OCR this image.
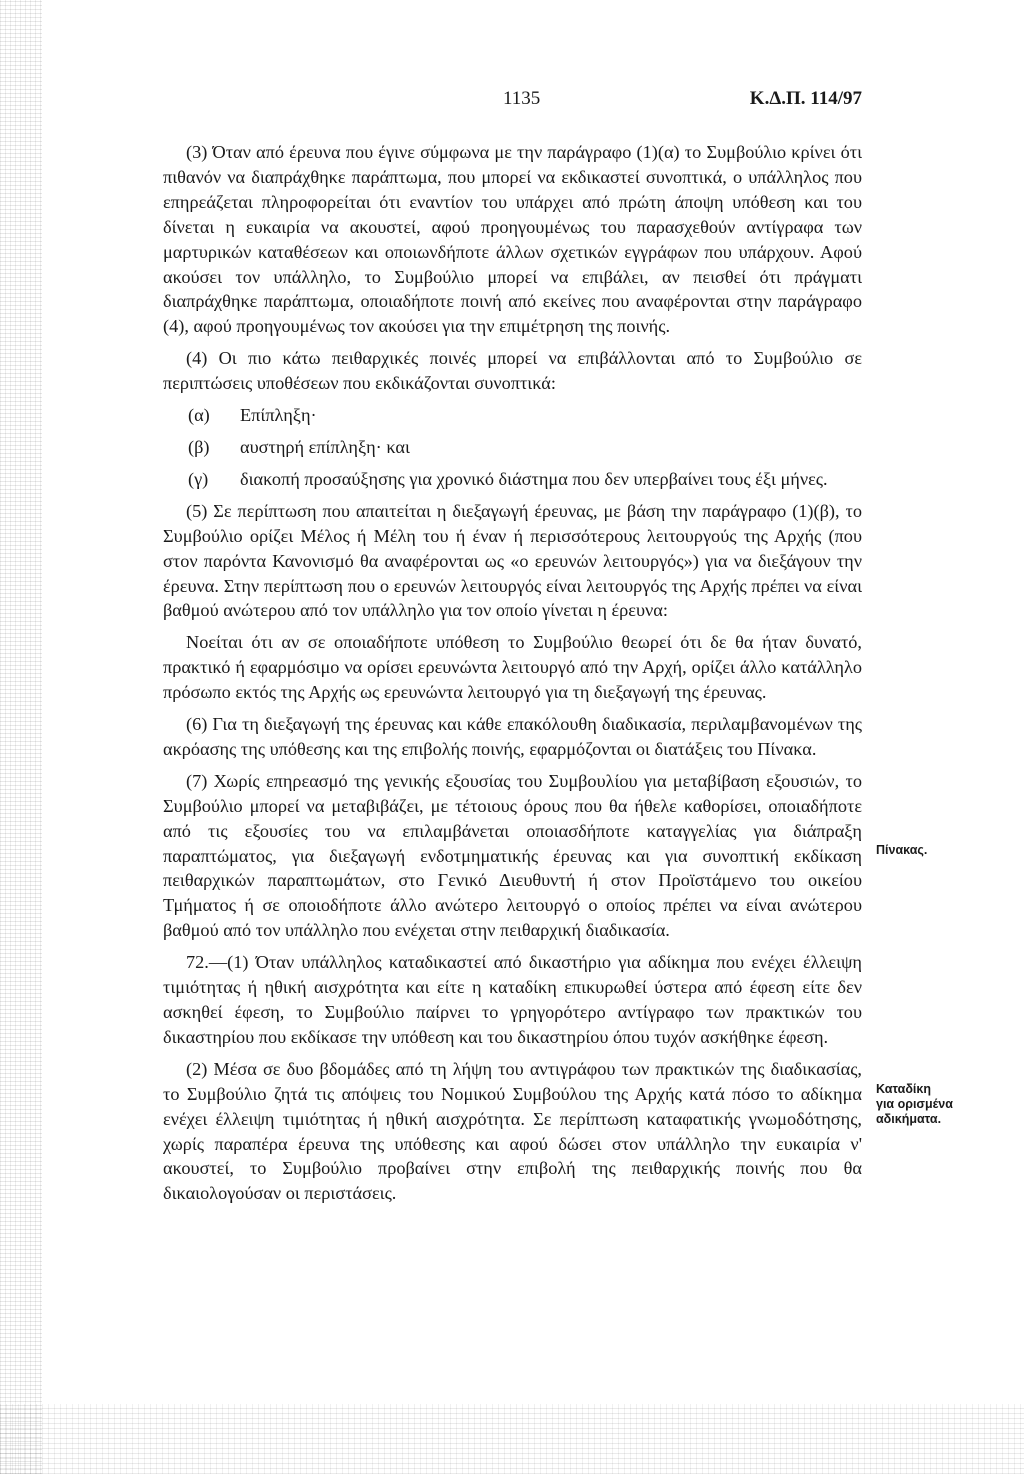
1135	Κ.Δ.Π. 114/97

(3) Όταν από έρευνα που έγινε σύμφωνα με την παράγραφο (1)(α) το Συμβούλιο κρίνει ότι πιθανόν να διαπράχθηκε παράπτωμα, που μπορεί να εκδικαστεί συνοπτικά, ο υπάλληλος που επηρεάζεται πληροφορείται ότι εναντίον του υπάρχει από πρώτη άποψη υπόθεση και του δίνεται η ευκαιρία να ακουστεί, αφού προηγουμένως του παρασχεθούν αντίγραφα των μαρτυρικών καταθέσεων και οποιωνδήποτε άλλων σχετικών εγγράφων που υπάρχουν. Αφού ακούσει τον υπάλληλο, το Συμβούλιο μπορεί να επιβάλει, αν πεισθεί ότι πράγματι διαπράχθηκε παράπτωμα, οποιαδήποτε ποινή από εκείνες που αναφέρονται στην παράγραφο (4), αφού προηγουμένως τον ακούσει για την επιμέτρηση της ποινής.

(4) Οι πιο κάτω πειθαρχικές ποινές μπορεί να επιβάλλονται από το Συμβούλιο σε περιπτώσεις υποθέσεων που εκδικάζονται συνοπτικά:

(α)	Επίπληξη·
(β)	αυστηρή επίπληξη· και
(γ)	διακοπή προσαύξησης για χρονικό διάστημα που δεν υπερβαίνει τους έξι μήνες.

(5) Σε περίπτωση που απαιτείται η διεξαγωγή έρευνας, με βάση την παράγραφο (1)(β), το Συμβούλιο ορίζει Μέλος ή Μέλη του ή έναν ή περισσότερους λειτουργούς της Αρχής (που στον παρόντα Κανονισμό θα αναφέρονται ως «ο ερευνών λειτουργός») για να διεξάγουν την έρευνα. Στην περίπτωση που ο ερευνών λειτουργός είναι λειτουργός της Αρχής πρέπει να είναι βαθμού ανώτερου από τον υπάλληλο για τον οποίο γίνεται η έρευνα:

Νοείται ότι αν σε οποιαδήποτε υπόθεση το Συμβούλιο θεωρεί ότι δε θα ήταν δυνατό, πρακτικό ή εφαρμόσιμο να ορίσει ερευνώντα λειτουργό από την Αρχή, ορίζει άλλο κατάλληλο πρόσωπο εκτός της Αρχής ως ερευνώντα λειτουργό για τη διεξαγωγή της έρευνας.

(6) Για τη διεξαγωγή της έρευνας και κάθε επακόλουθη διαδικασία, περιλαμβανομένων της ακρόασης της υπόθεσης και της επιβολής ποινής, εφαρμόζονται οι διατάξεις του Πίνακα.

(7) Χωρίς επηρεασμό της γενικής εξουσίας του Συμβουλίου για μεταβίβαση εξουσιών, το Συμβούλιο μπορεί να μεταβιβάζει, με τέτοιους όρους που θα ήθελε καθορίσει, οποιαδήποτε από τις εξουσίες του να επιλαμβάνεται οποιασδήποτε καταγγελίας για διάπραξη παραπτώματος, για διεξαγωγή ενδοτμηματικής έρευνας και για συνοπτική εκδίκαση πειθαρχικών παραπτωμάτων, στο Γενικό Διευθυντή ή στον Προϊστάμενο του οικείου Τμήματος ή σε οποιοδήποτε άλλο ανώτερο λειτουργό ο οποίος πρέπει να είναι ανώτερου βαθμού από τον υπάλληλο που ενέχεται στην πειθαρχική διαδικασία.

72.—(1) Όταν υπάλληλος καταδικαστεί από δικαστήριο για αδίκημα που ενέχει έλλειψη τιμιότητας ή ηθική αισχρότητα και είτε η καταδίκη επικυρωθεί ύστερα από έφεση είτε δεν ασκηθεί έφεση, το Συμβούλιο παίρνει το γρηγορότερο αντίγραφο των πρακτικών του δικαστηρίου που εκδίκασε την υπόθεση και του δικαστηρίου όπου τυχόν ασκήθηκε έφεση.

(2) Μέσα σε δυο βδομάδες από τη λήψη του αντιγράφου των πρακτικών της διαδικασίας, το Συμβούλιο ζητά τις απόψεις του Νομικού Συμβούλου της Αρχής κατά πόσο το αδίκημα ενέχει έλλειψη τιμιότητας ή ηθική αισχρότητα. Σε περίπτωση καταφατικής γνωμοδότησης, χωρίς παραπέρα έρευνα της υπόθεσης και αφού δώσει στον υπάλληλο την ευκαιρία ν' ακουστεί, το Συμβούλιο προβαίνει στην επιβολή της πειθαρχικής ποινής που θα δικαιολογούσαν οι περιστάσεις.

Πίνακας.
Καταδίκη
για ορισμένα
αδικήματα.
